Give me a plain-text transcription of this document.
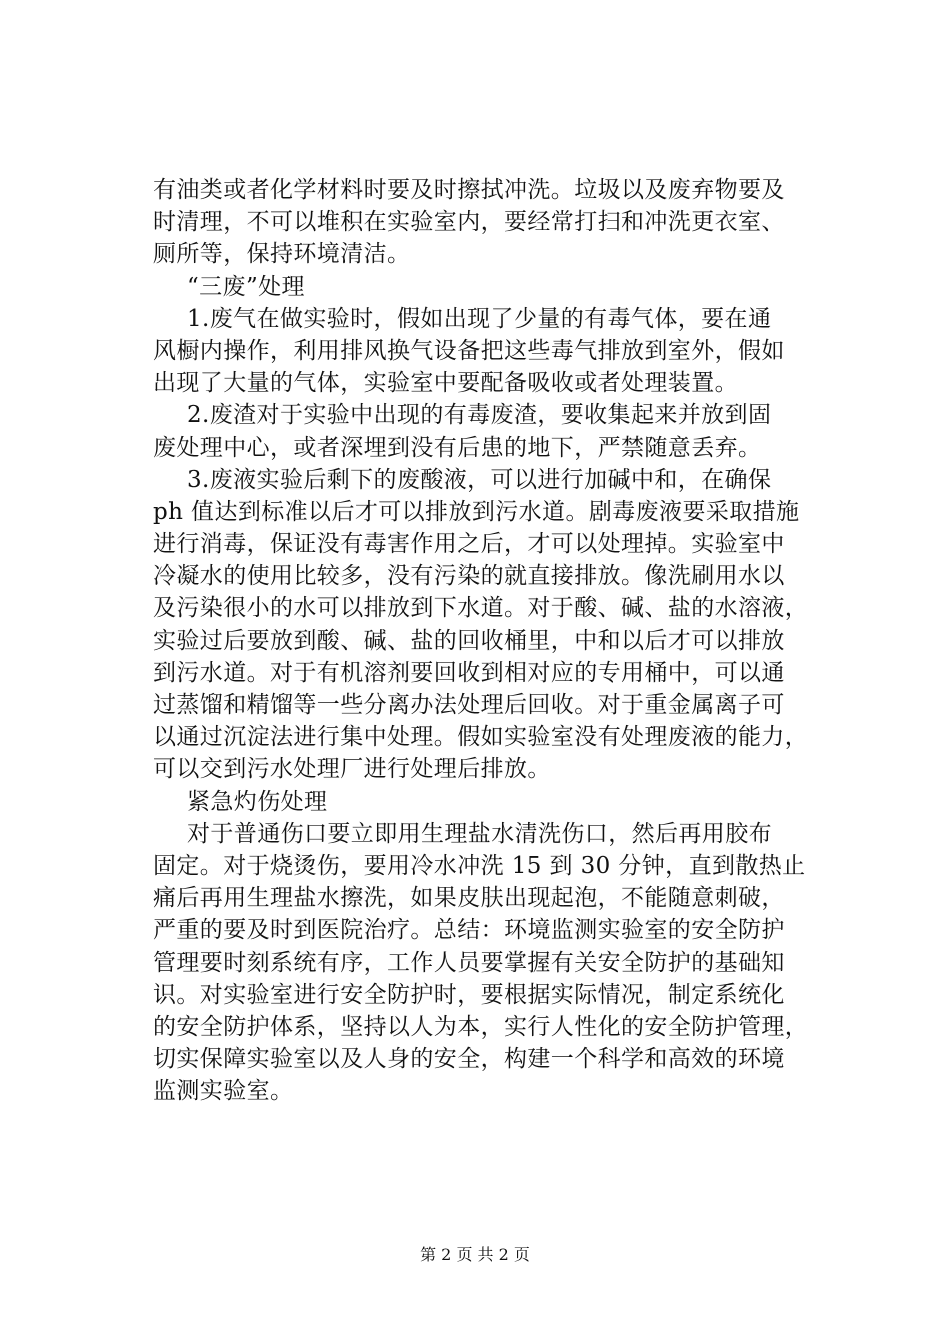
有油类或者化学材料时要及时擦拭冲洗。垃圾以及废弃物要及
时清理，不可以堆积在实验室内，要经常打扫和冲洗更衣室、
厕所等，保持环境清洁。
“三废”处理
1.废气在做实验时，假如出现了少量的有毒气体，要在通
风橱内操作，利用排风换气设备把这些毒气排放到室外，假如
出现了大量的气体，实验室中要配备吸收或者处理装置。
2.废渣对于实验中出现的有毒废渣，要收集起来并放到固
废处理中心，或者深埋到没有后患的地下，严禁随意丢弃。
3.废液实验后剩下的废酸液，可以进行加碱中和，在确保
ph 值达到标准以后才可以排放到污水道。剧毒废液要采取措施
进行消毒，保证没有毒害作用之后，才可以处理掉。实验室中
冷凝水的使用比较多，没有污染的就直接排放。像洗刷用水以
及污染很小的水可以排放到下水道。对于酸、碱、盐的水溶液，
实验过后要放到酸、碱、盐的回收桶里，中和以后才可以排放
到污水道。对于有机溶剂要回收到相对应的专用桶中，可以通
过蒸馏和精馏等一些分离办法处理后回收。对于重金属离子可
以通过沉淀法进行集中处理。假如实验室没有处理废液的能力，
可以交到污水处理厂进行处理后排放。
紧急灼伤处理
对于普通伤口要立即用生理盐水清洗伤口，然后再用胶布
固定。对于烧烫伤，要用冷水冲洗 15 到 30 分钟，直到散热止
痛后再用生理盐水擦洗，如果皮肤出现起泡，不能随意刺破，
严重的要及时到医院治疗。总结：环境监测实验室的安全防护
管理要时刻系统有序，工作人员要掌握有关安全防护的基础知
识。对实验室进行安全防护时，要根据实际情况，制定系统化
的安全防护体系，坚持以人为本，实行人性化的安全防护管理，
切实保障实验室以及人身的安全，构建一个科学和高效的环境
监测实验室。
第 2 页 共 2 页
